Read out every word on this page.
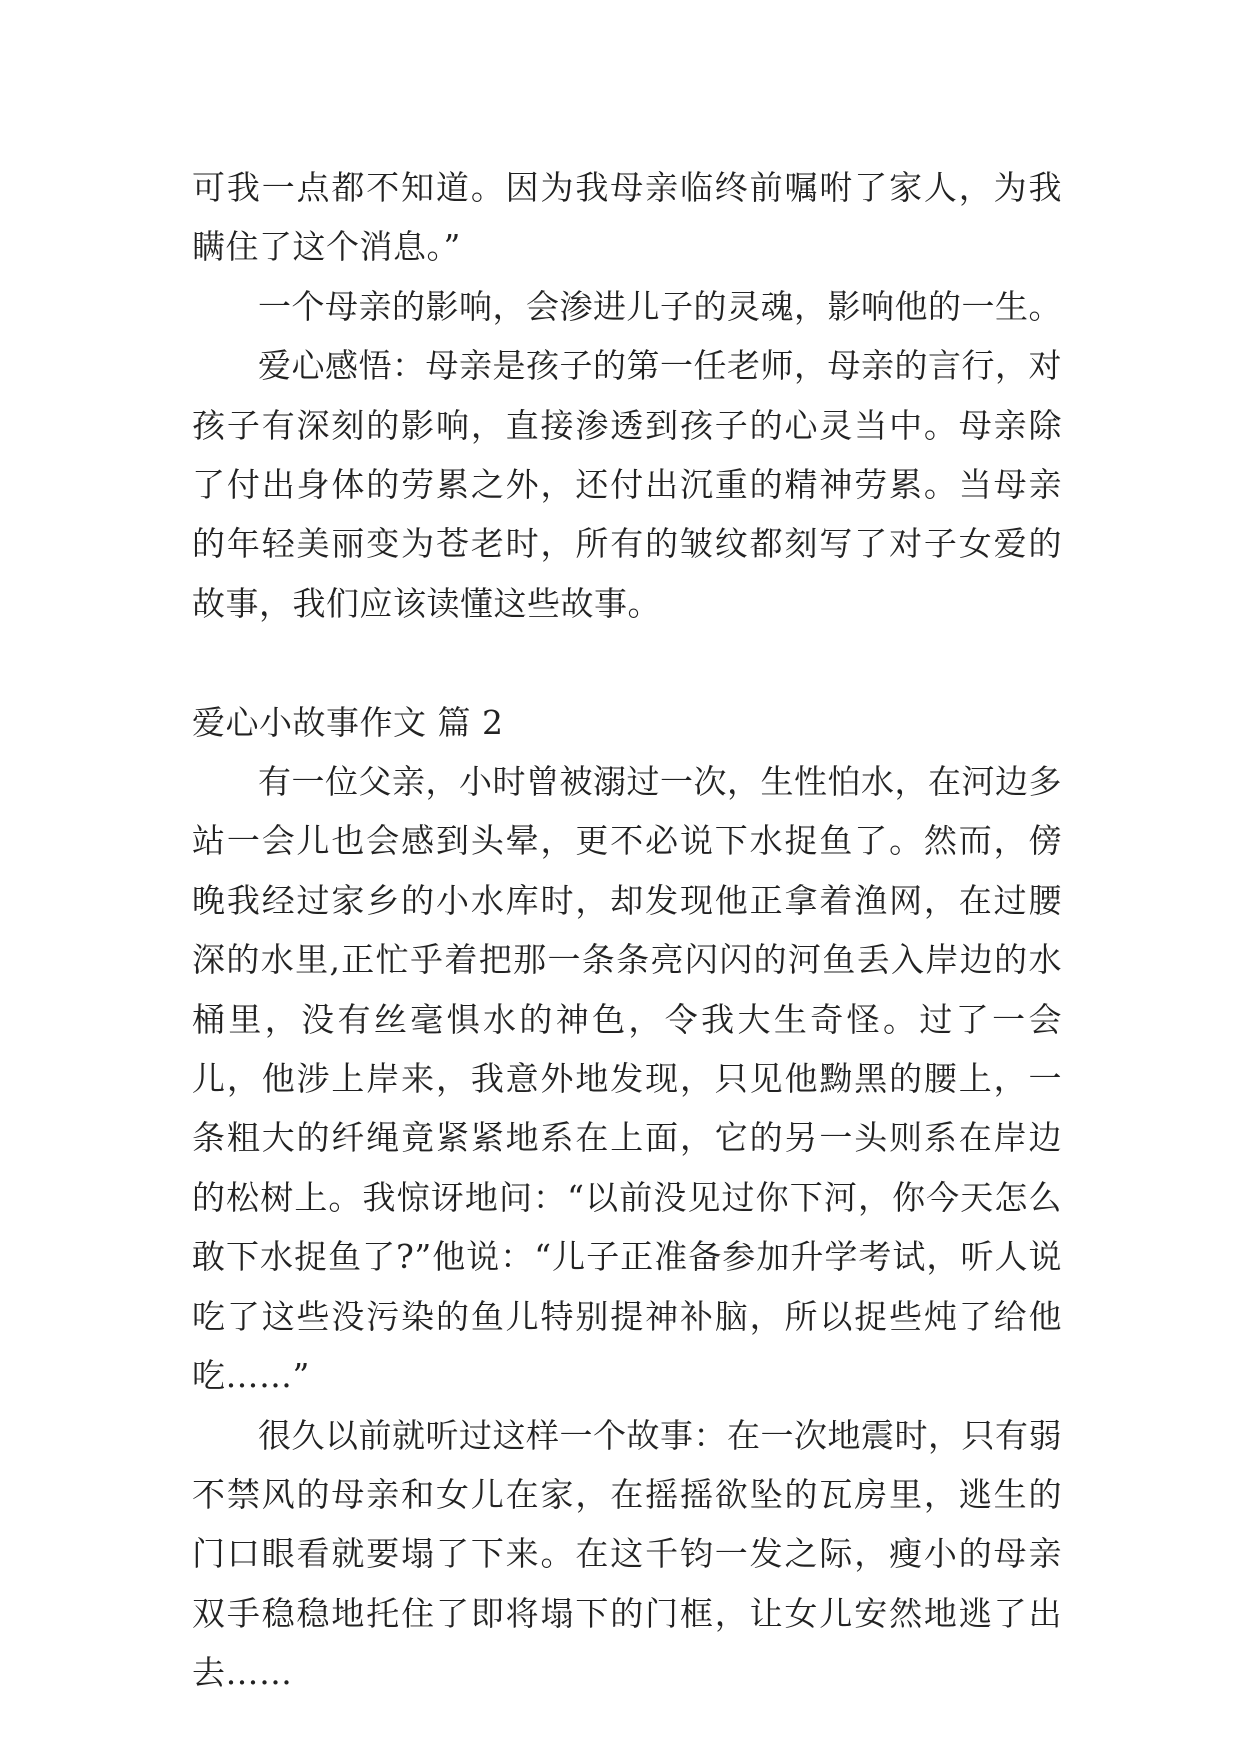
可我一点都不知道。因为我母亲临终前嘱咐了家人，为我瞒住了这个消息。”

一个母亲的影响，会渗进儿子的灵魂，影响他的一生。

爱心感悟：母亲是孩子的第一任老师，母亲的言行，对孩子有深刻的影响，直接渗透到孩子的心灵当中。母亲除了付出身体的劳累之外，还付出沉重的精神劳累。当母亲的年轻美丽变为苍老时，所有的皱纹都刻写了对子女爱的故事，我们应该读懂这些故事。

爱心小故事作文 篇 2

有一位父亲，小时曾被溺过一次，生性怕水，在河边多站一会儿也会感到头晕，更不必说下水捉鱼了。然而，傍晚我经过家乡的小水库时，却发现他正拿着渔网，在过腰深的水里,正忙乎着把那一条条亮闪闪的河鱼丢入岸边的水桶里，没有丝毫惧水的神色，令我大生奇怪。过了一会儿，他涉上岸来，我意外地发现，只见他黝黑的腰上，一条粗大的纤绳竟紧紧地系在上面，它的另一头则系在岸边的松树上。我惊讶地问：“以前没见过你下河，你今天怎么敢下水捉鱼了?”他说：“儿子正准备参加升学考试，听人说吃了这些没污染的鱼儿特别提神补脑，所以捉些炖了给他吃……”

很久以前就听过这样一个故事：在一次地震时，只有弱不禁风的母亲和女儿在家，在摇摇欲坠的瓦房里，逃生的门口眼看就要塌了下来。在这千钧一发之际，瘦小的母亲双手稳稳地托住了即将塌下的门框，让女儿安然地逃了出去……
